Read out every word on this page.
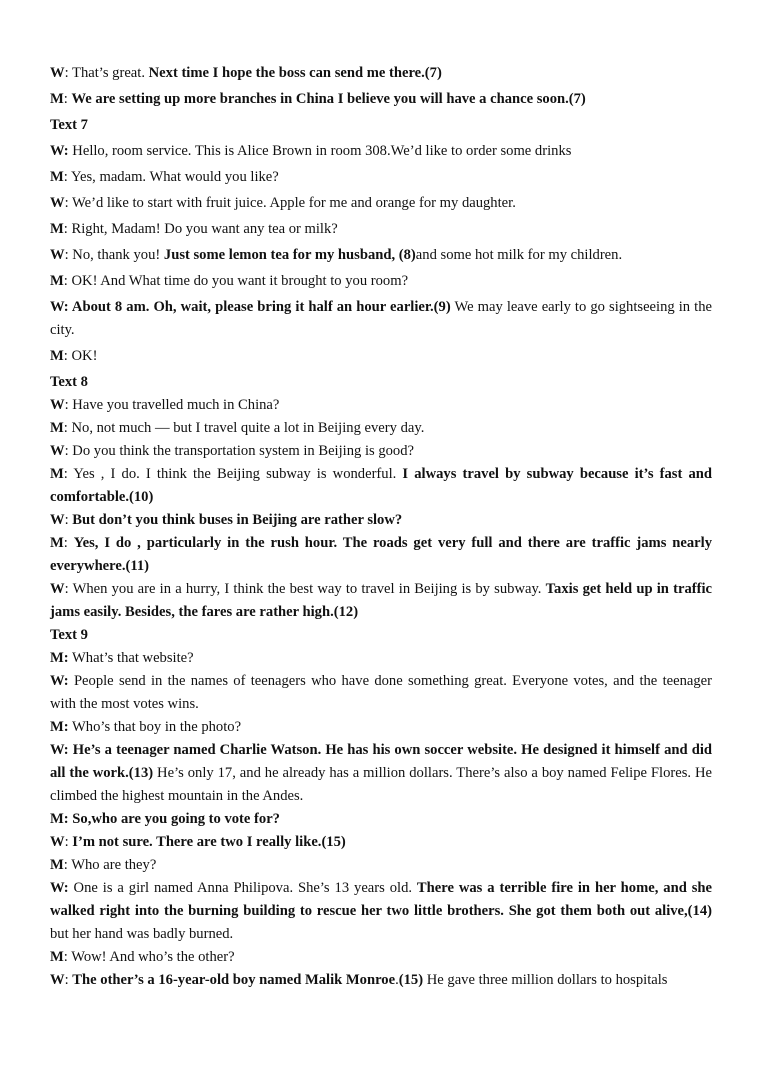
W: That’s great. Next time I hope the boss can send me there.(7)
M: We are setting up more branches in China I believe you will have a chance soon.(7)
Text 7
W: Hello, room service. This is Alice Brown in room 308.We’d like to order some drinks
M: Yes, madam. What would you like?
W: We’d like to start with fruit juice. Apple for me and orange for my daughter.
M: Right, Madam! Do you want any tea or milk?
W: No, thank you! Just some lemon tea for my husband, (8)and some hot milk for my children.
M: OK! And What time do you want it brought to you room?
W: About 8 am. Oh, wait, please bring it half an hour earlier.(9) We may leave early to go sightseeing in the city.
M: OK!
Text 8
W: Have you travelled much in China?
M: No, not much — but I travel quite a lot in Beijing every day.
W: Do you think the transportation system in Beijing is good?
M: Yes , I do. I think the Beijing subway is wonderful. I always travel by subway because it’s fast and comfortable.(10)
W: But don’t you think buses in Beijing are rather slow?
M: Yes, I do , particularly in the rush hour. The roads get very full and there are traffic jams nearly everywhere.(11)
W: When you are in a hurry, I think the best way to travel in Beijing is by subway. Taxis get held up in traffic jams easily. Besides, the fares are rather high.(12)
Text 9
M: What’s that website?
W: People send in the names of teenagers who have done something great. Everyone votes, and the teenager with the most votes wins.
M: Who’s that boy in the photo?
W: He’s a teenager named Charlie Watson. He has his own soccer website. He designed it himself and did all the work.(13) He’s only 17, and he already has a million dollars. There’s also a boy named Felipe Flores. He climbed the highest mountain in the Andes.
M: So,who are you going to vote for?
W: I’m not sure. There are two I really like.(15)
M: Who are they?
W: One is a girl named Anna Philipova. She’s 13 years old. There was a terrible fire in her home, and she walked right into the burning building to rescue her two little brothers. She got them both out alive,(14) but her hand was badly burned.
M: Wow! And who’s the other?
W: The other’s a 16-year-old boy named Malik Monroe.(15) He gave three million dollars to hospitals
